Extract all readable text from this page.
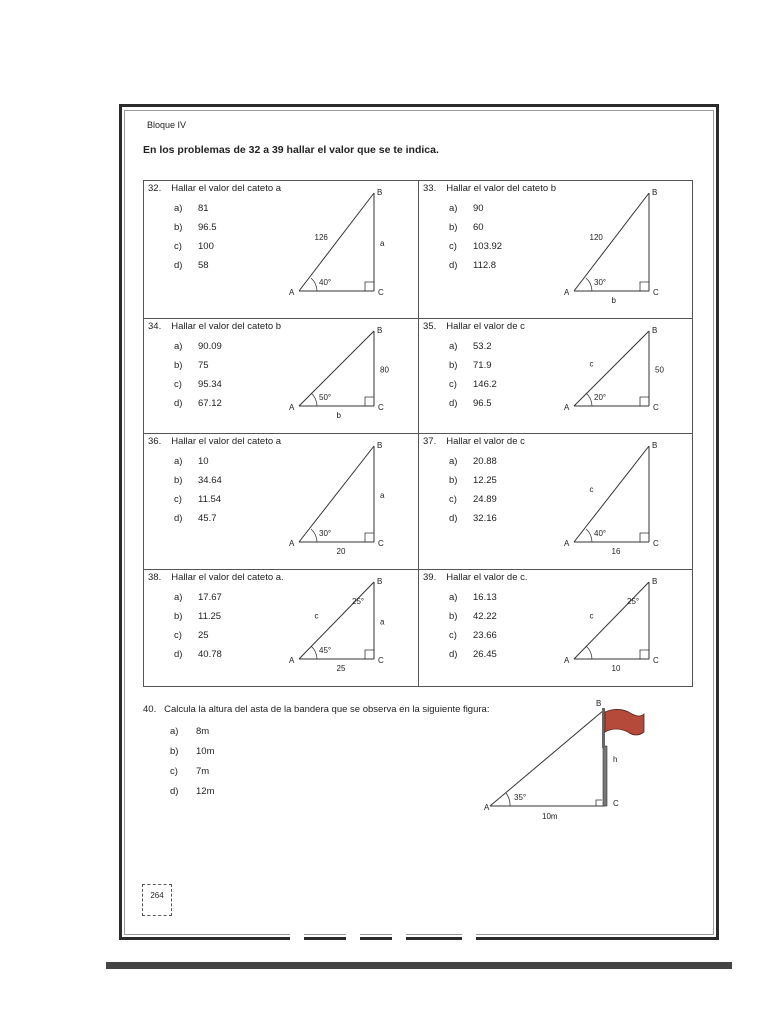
Bloque IV
En los problemas de 32 a 39 hallar el valor que se te indica.
32. Hallar el valor del cateto a
a) 81
b) 96.5
c) 100
d) 58
A
B
C
126
a
40°
33. Hallar el valor del cateto b
a) 90
b) 60
c) 103.92
d) 112.8
A
B
C
120
b
30°
34. Hallar el valor del cateto b
a) 90.09
b) 75
c) 95.34
d) 67.12	A
B
C
80
b
50°
35. Hallar el valor de c
a) 53.2
b) 71.9
c) 146.2
d) 96.5	A
B
C
c
50
20°
36. Hallar el valor del cateto a
a) 10
b) 34.64
c) 11.54
d) 45.7
A
B
C
a
20
30°
37. Hallar el valor de c
a) 20.88
b) 12.25
c) 24.89
d) 32.16
A
B
C
c
16
40°
38. Hallar el valor del cateto a.
a) 17.67
b) 11.25
c) 25
d) 40.78
A
B
C
c
a
25
45°
25°
39. Hallar el valor de c.
a) 16.13
b) 42.22
c) 23.66
d) 26.45
A
B
C
c
10
25°
40. Calcula la altura del asta de la bandera que se observa en la siguiente figura:
a) 8m
b) 10m
c) 7m
d) 12m
A
B
C
h
35°
10m
264
